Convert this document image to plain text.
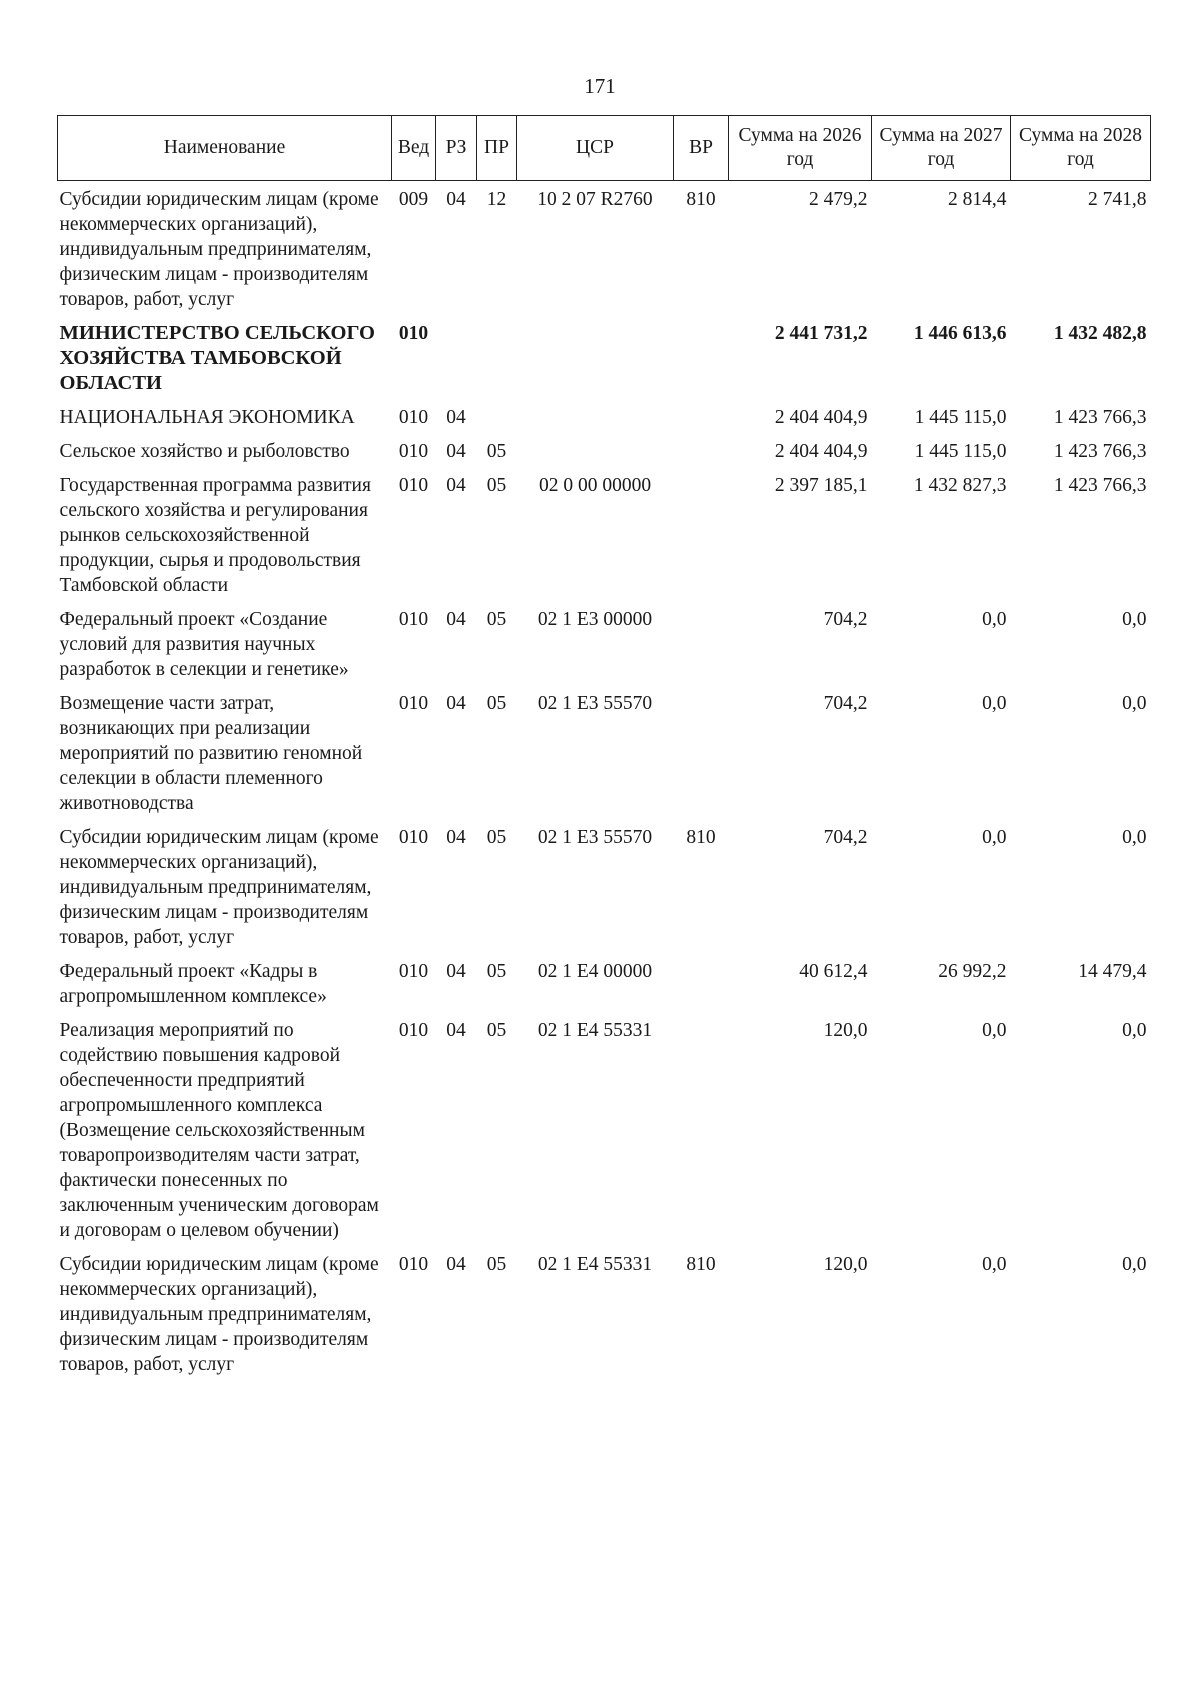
171
Наименование	Вед	РЗ	ПР	ЦСР	ВР	Сумма на 2026 год	Сумма на 2027 год	Сумма на 2028 год
Субсидии юридическим лицам (кроме некоммерческих организаций), индивидуальным предпринимателям, физическим лицам - производителям товаров, работ, услуг	009	04	12	10 2 07 R2760	810	2 479,2	2 814,4	2 741,8
МИНИСТЕРСТВО СЕЛЬСКОГО ХОЗЯЙСТВА ТАМБОВСКОЙ ОБЛАСТИ	010					2 441 731,2	1 446 613,6	1 432 482,8
НАЦИОНАЛЬНАЯ ЭКОНОМИКА	010	04				2 404 404,9	1 445 115,0	1 423 766,3
Сельское хозяйство и рыболовство	010	04	05			2 404 404,9	1 445 115,0	1 423 766,3
Государственная программа развития сельского хозяйства и регулирования рынков сельскохозяйственной продукции, сырья и продовольствия Тамбовской области	010	04	05	02 0 00 00000		2 397 185,1	1 432 827,3	1 423 766,3
Федеральный проект «Создание условий для развития научных разработок в селекции и генетике»	010	04	05	02 1 Е3 00000		704,2	0,0	0,0
Возмещение части затрат, возникающих при реализации мероприятий по развитию геномной селекции в области племенного животноводства	010	04	05	02 1 Е3 55570		704,2	0,0	0,0
Субсидии юридическим лицам (кроме некоммерческих организаций), индивидуальным предпринимателям, физическим лицам - производителям товаров, работ, услуг	010	04	05	02 1 Е3 55570	810	704,2	0,0	0,0
Федеральный проект «Кадры в агропромышленном комплексе»	010	04	05	02 1 Е4 00000		40 612,4	26 992,2	14 479,4
Реализация мероприятий по содействию повышения кадровой обеспеченности предприятий агропромышленного комплекса (Возмещение сельскохозяйственным товаропроизводителям части затрат, фактически понесенных по заключенным ученическим договорам и договорам о целевом обучении)	010	04	05	02 1 Е4 55331		120,0	0,0	0,0
Субсидии юридическим лицам (кроме некоммерческих организаций), индивидуальным предпринимателям, физическим лицам - производителям товаров, работ, услуг	010	04	05	02 1 Е4 55331	810	120,0	0,0	0,0
